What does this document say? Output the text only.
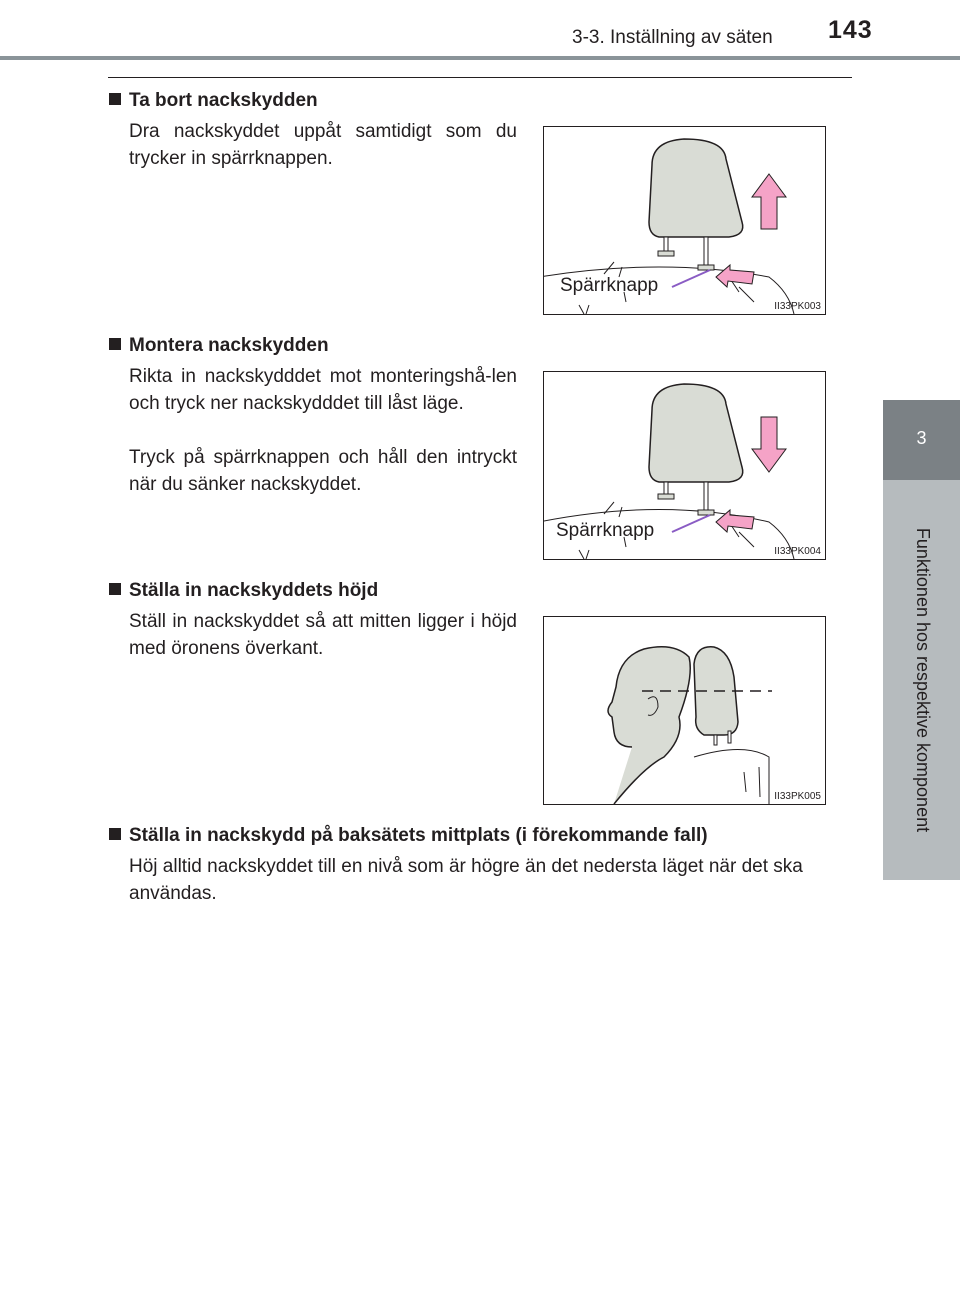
3-3. Inställning av säten 143
3
Funktionen hos respektive komponent
Ta bort nackskydden
Dra nackskyddet uppåt samtidigt som du trycker in spärrknappen.
Spärrknapp
II33PK003
Montera nackskydden
Rikta in nackskydddet mot monteringshå-len och tryck ner nackskydddet till låst läge.
Tryck på spärrknappen och håll den intryckt när du sänker nackskyddet.
Spärrknapp
II33PK004
Ställa in nackskyddets höjd
Ställ in nackskyddet så att mitten ligger i höjd med öronens överkant.
II33PK005
Ställa in nackskydd på baksätets mittplats (i förekommande fall)
Höj alltid nackskyddet till en nivå som är högre än det nedersta läget när det ska användas.
